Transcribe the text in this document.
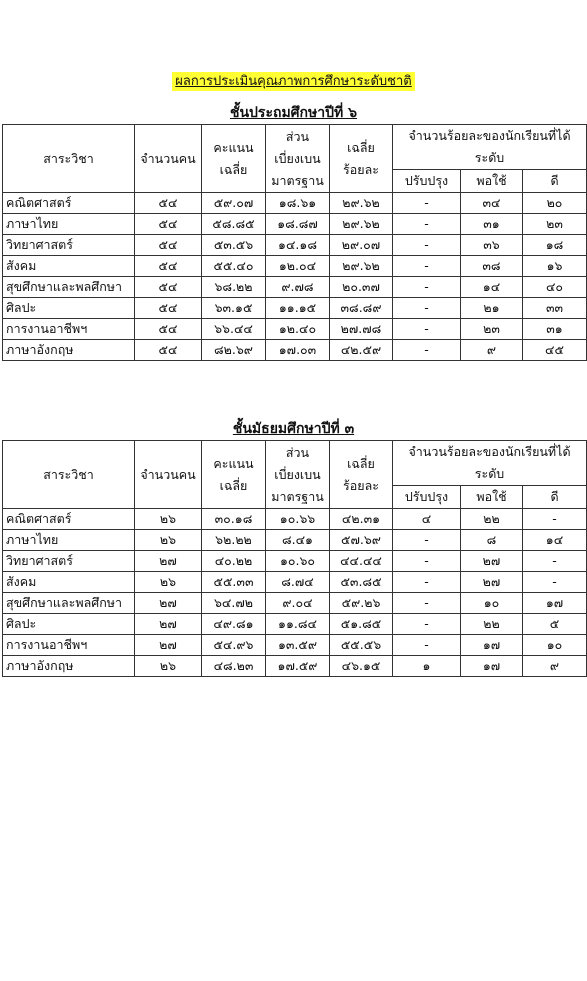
ผลการประเมินคุณภาพการศึกษาระดับชาติ
ชั้นประถมศึกษาปีที่ ๖
สาระวิชา	จำนวนคน	คะแนน
เฉลี่ย	ส่วน
เบี่ยงเบน
มาตรฐาน	เฉลี่ย
ร้อยละ	จำนวนร้อยละของนักเรียนที่ได้
ระดับ		
					ปรับปรุง	พอใช้	ดี
คณิตศาสตร์	๕๔	๕๙.๐๗	๑๘.๖๑	๒๙.๖๒	-	๓๔	๒๐
ภาษาไทย	๕๔	๕๘.๘๕	๑๘.๘๗	๒๙.๖๒	-	๓๑	๒๓
วิทยาศาสตร์	๕๔	๕๓.๕๖	๑๔.๑๘	๒๙.๐๗	-	๓๖	๑๘
สังคม	๕๔	๕๕.๔๐	๑๒.๐๔	๒๙.๖๒	-	๓๘	๑๖
สุขศึกษาและพลศึกษา	๕๔	๖๘.๒๒	๙.๗๘	๒๐.๓๗	-	๑๔	๔๐
ศิลปะ	๕๔	๖๓.๑๕	๑๑.๑๕	๓๘.๘๙	-	๒๑	๓๓
การงานอาชีพฯ	๕๔	๖๖.๔๔	๑๒.๔๐	๒๗.๗๘	-	๒๓	๓๑
ภาษาอังกฤษ	๕๔	๘๒.๖๙	๑๗.๐๓	๔๒.๕๙	-	๙	๔๕
ชั้นมัธยมศึกษาปีที่ ๓
สาระวิชา	จำนวนคน	คะแนน
เฉลี่ย	ส่วน
เบี่ยงเบน
มาตรฐาน	เฉลี่ย
ร้อยละ	จำนวนร้อยละของนักเรียนที่ได้
ระดับ		
					ปรับปรุง	พอใช้	ดี
คณิตศาสตร์	๒๖	๓๐.๑๘	๑๐.๖๖	๔๒.๓๑	๔	๒๒	-
ภาษาไทย	๒๖	๖๒.๒๒	๘.๔๑	๕๗.๖๙	-	๘	๑๔
วิทยาศาสตร์	๒๗	๔๐.๒๒	๑๐.๖๐	๔๔.๔๔	-	๒๗	-
สังคม	๒๖	๕๕.๓๓	๘.๗๔	๕๓.๘๕	-	๒๗	-
สุขศึกษาและพลศึกษา	๒๗	๖๔.๗๒	๙.๐๔	๕๙.๒๖	-	๑๐	๑๗
ศิลปะ	๒๗	๔๙.๘๑	๑๑.๘๔	๕๑.๘๕	-	๒๒	๕
การงานอาชีพฯ	๒๗	๕๔.๙๖	๑๓.๕๙	๕๕.๕๖	-	๑๗	๑๐
ภาษาอังกฤษ	๒๖	๔๘.๒๓	๑๗.๕๙	๔๖.๑๕	๑	๑๗	๙
